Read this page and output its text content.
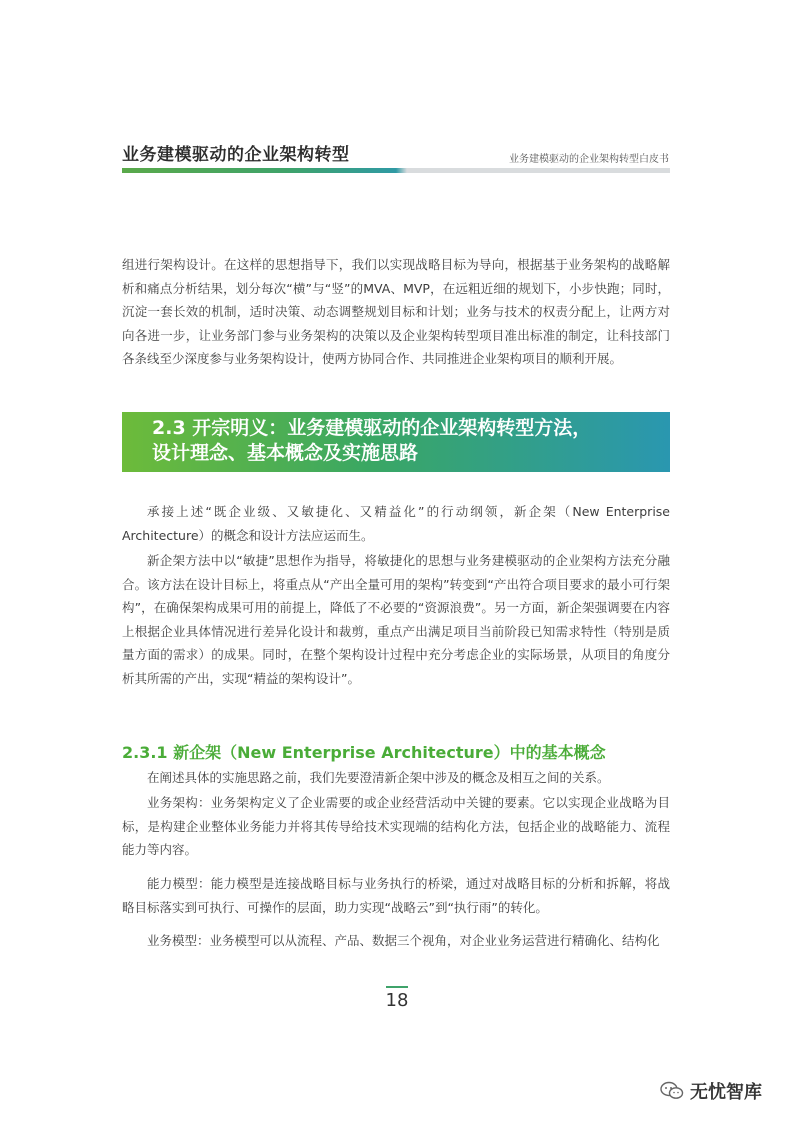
业务建模驱动的企业架构转型	业务建模驱动的企业架构转型白皮书

组进行架构设计。在这样的思想指导下，我们以实现战略目标为导向，根据基于业务架构的战略解析和痛点分析结果，划分每次“横”与“竖”的MVA、MVP，在远粗近细的规划下，小步快跑；同时，沉淀一套长效的机制，适时决策、动态调整规划目标和计划；业务与技术的权责分配上，让两方对向各进一步，让业务部门参与业务架构的决策以及企业架构转型项目准出标准的制定，让科技部门各条线至少深度参与业务架构设计，使两方协同合作、共同推进企业架构项目的顺利开展。

2.3 开宗明义：业务建模驱动的企业架构转型方法，
设计理念、基本概念及实施思路

承接上述“既企业级、又敏捷化、又精益化”的行动纲领，新企架（New Enterprise Architecture）的概念和设计方法应运而生。

新企架方法中以“敏捷”思想作为指导，将敏捷化的思想与业务建模驱动的企业架构方法充分融合。该方法在设计目标上，将重点从“产出全量可用的架构”转变到“产出符合项目要求的最小可行架构”，在确保架构成果可用的前提上，降低了不必要的“资源浪费”。另一方面，新企架强调要在内容上根据企业具体情况进行差异化设计和裁剪，重点产出满足项目当前阶段已知需求特性（特别是质量方面的需求）的成果。同时，在整个架构设计过程中充分考虑企业的实际场景，从项目的角度分析其所需的产出，实现“精益的架构设计”。

2.3.1 新企架（New Enterprise Architecture）中的基本概念

在阐述具体的实施思路之前，我们先要澄清新企架中涉及的概念及相互之间的关系。

业务架构：业务架构定义了企业需要的或企业经营活动中关键的要素。它以实现企业战略为目标，是构建企业整体业务能力并将其传导给技术实现端的结构化方法，包括企业的战略能力、流程能力等内容。

能力模型：能力模型是连接战略目标与业务执行的桥梁，通过对战略目标的分析和拆解，将战略目标落实到可执行、可操作的层面，助力实现“战略云”到“执行雨”的转化。

业务模型：业务模型可以从流程、产品、数据三个视角，对企业业务运营进行精确化、结构化

18
无忧智库
